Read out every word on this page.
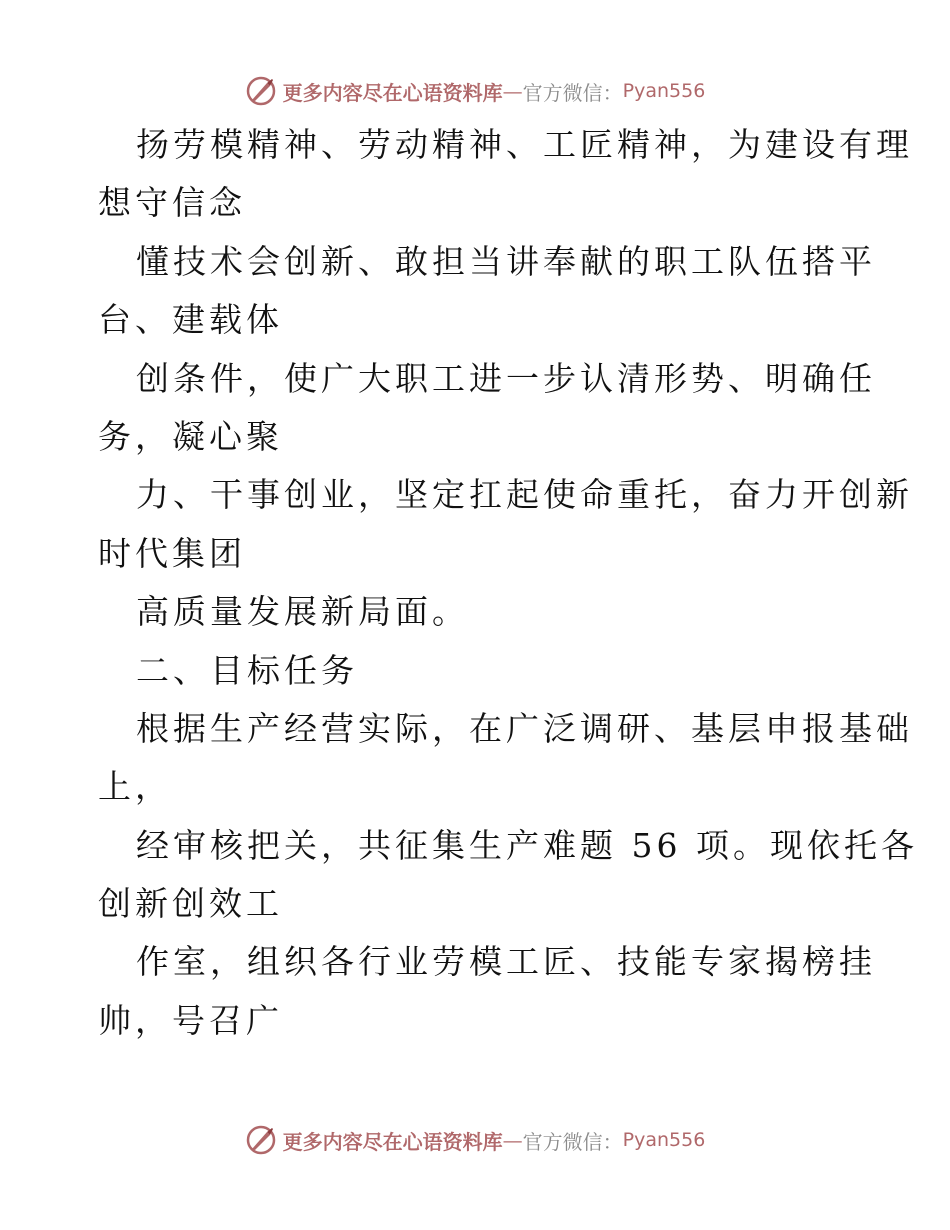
更多内容尽在心语资料库 — 官方微信： Pyan556
扬劳模精神、劳动精神、工匠精神，为建设有理
想守信念
懂技术会创新、敢担当讲奉献的职工队伍搭平
台、建载体
创条件，使广大职工进一步认清形势、明确任
务，凝心聚
力、干事创业，坚定扛起使命重托，奋力开创新
时代集团
高质量发展新局面。
二、目标任务
根据生产经营实际，在广泛调研、基层申报基础
上，
经审核把关，共征集生产难题 56 项。现依托各
创新创效工
作室，组织各行业劳模工匠、技能专家揭榜挂
帅，号召广
更多内容尽在心语资料库 — 官方微信： Pyan556
